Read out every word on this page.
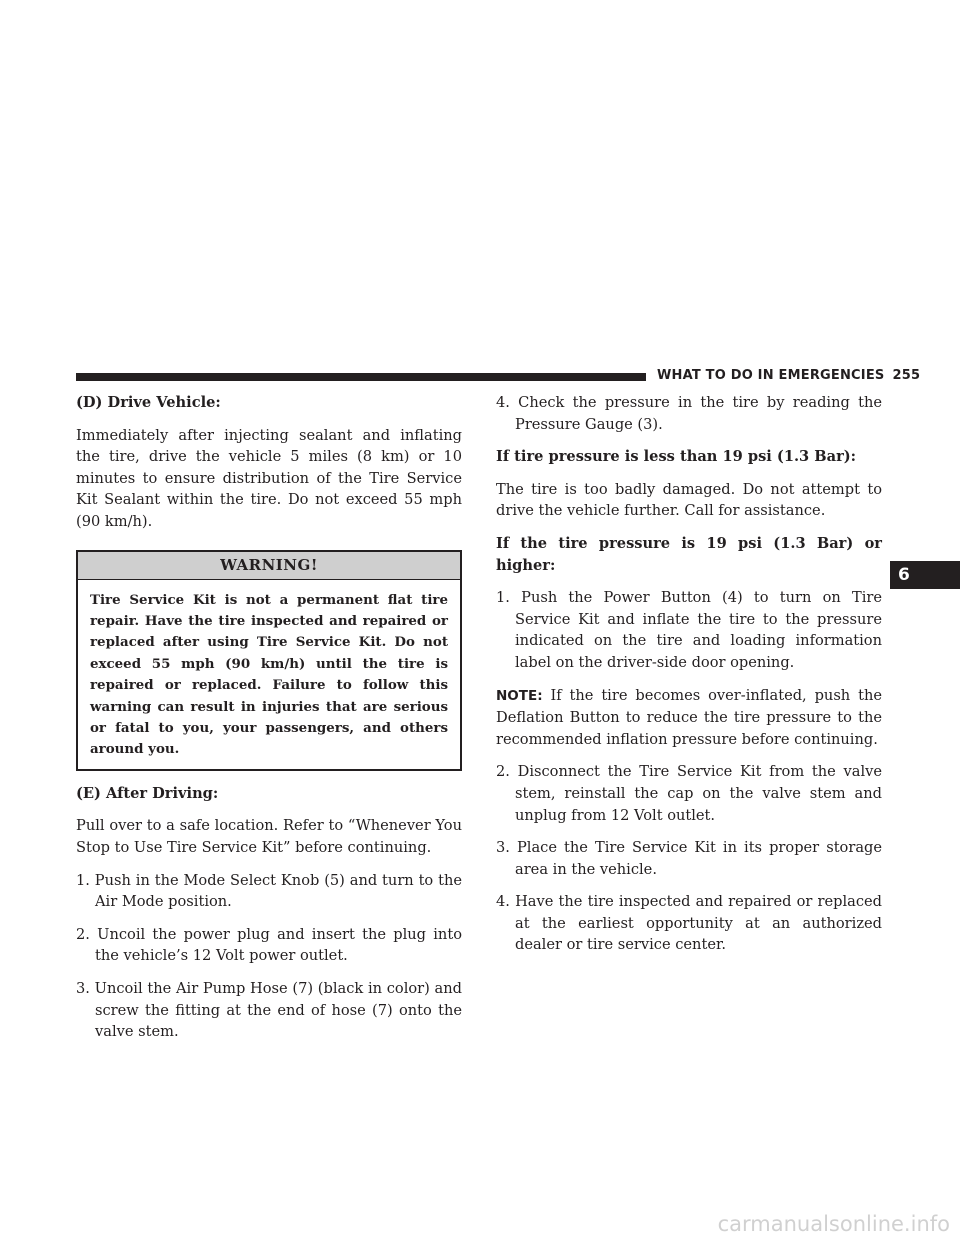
WHAT TO DO IN EMERGENCIES 255
6

(D) Drive Vehicle:

Immediately after injecting sealant and inflating the tire, drive the vehicle 5 miles (8 km) or 10 minutes to ensure distribution of the Tire Service Kit Sealant within the tire. Do not exceed 55 mph (90 km/h).

WARNING!
Tire Service Kit is not a permanent flat tire repair. Have the tire inspected and repaired or replaced after using Tire Service Kit. Do not exceed 55 mph (90 km/h) until the tire is repaired or replaced. Failure to follow this warning can result in injuries that are serious or fatal to you, your passengers, and others around you.

(E) After Driving:

Pull over to a safe location. Refer to “Whenever You Stop to Use Tire Service Kit” before continuing.

1. Push in the Mode Select Knob (5) and turn to the Air Mode position.

2. Uncoil the power plug and insert the plug into the vehicle’s 12 Volt power outlet.

3. Uncoil the Air Pump Hose (7) (black in color) and screw the fitting at the end of hose (7) onto the valve stem.

4. Check the pressure in the tire by reading the Pressure Gauge (3).

If tire pressure is less than 19 psi (1.3 Bar):

The tire is too badly damaged. Do not attempt to drive the vehicle further. Call for assistance.

If the tire pressure is 19 psi (1.3 Bar) or higher:

1. Push the Power Button (4) to turn on Tire Service Kit and inflate the tire to the pressure indicated on the tire and loading information label on the driver-side door opening.

NOTE: If the tire becomes over-inflated, push the Deflation Button to reduce the tire pressure to the recommended inflation pressure before continuing.

2. Disconnect the Tire Service Kit from the valve stem, reinstall the cap on the valve stem and unplug from 12 Volt outlet.

3. Place the Tire Service Kit in its proper storage area in the vehicle.

4. Have the tire inspected and repaired or replaced at the earliest opportunity at an authorized dealer or tire service center.

carmanualsonline.info
